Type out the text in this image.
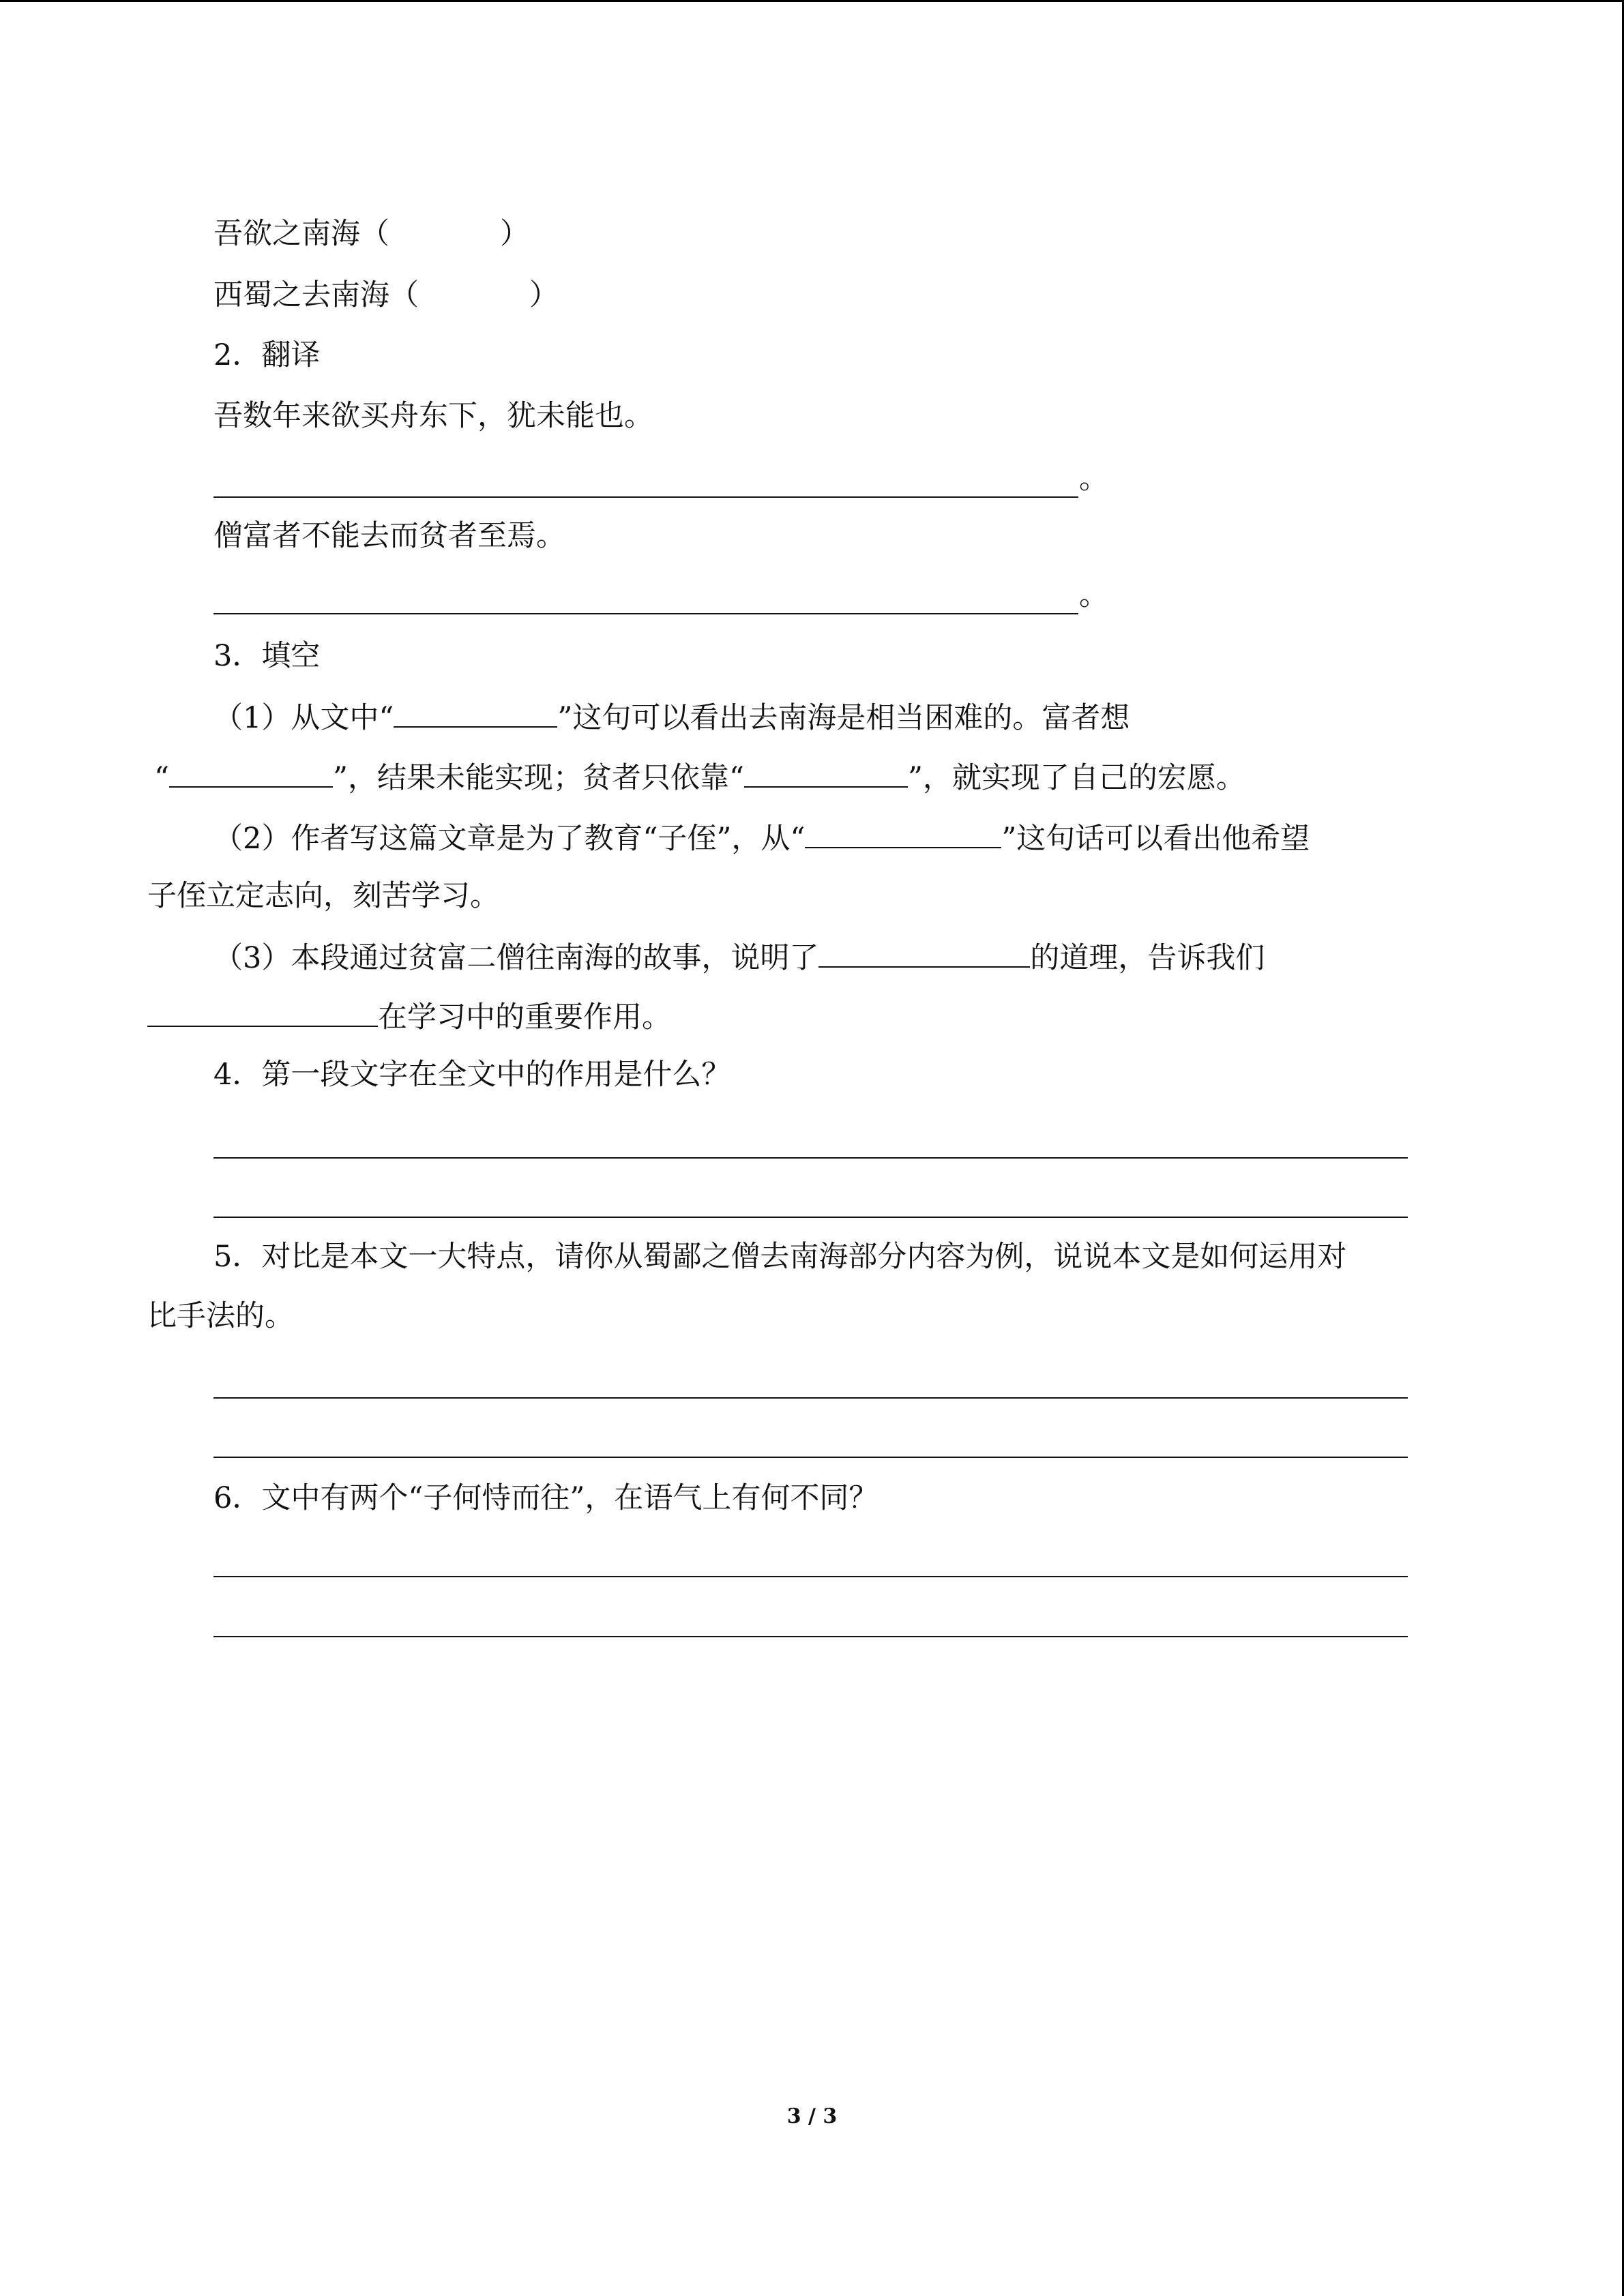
吾欲之南海（	）
西蜀之去南海（	）
2．翻译
吾数年来欲买舟东下，犹未能也。
。
僧富者不能去而贫者至焉。
。
3．填空
（1）从文中“	”这句可以看出去南海是相当困难的。富者想
“	”，结果未能实现；贫者只依靠“	”，就实现了自己的宏愿。
（2）作者写这篇文章是为了教育“子侄”，从“	”这句话可以看出他希望
子侄立定志向，刻苦学习。
（3）本段通过贫富二僧往南海的故事，说明了	的道理，告诉我们
在学习中的重要作用。
4．第一段文字在全文中的作用是什么？
5．对比是本文一大特点，请你从蜀鄙之僧去南海部分内容为例，说说本文是如何运用对
比手法的。
6．文中有两个“子何恃而往”，在语气上有何不同？
3 / 3
